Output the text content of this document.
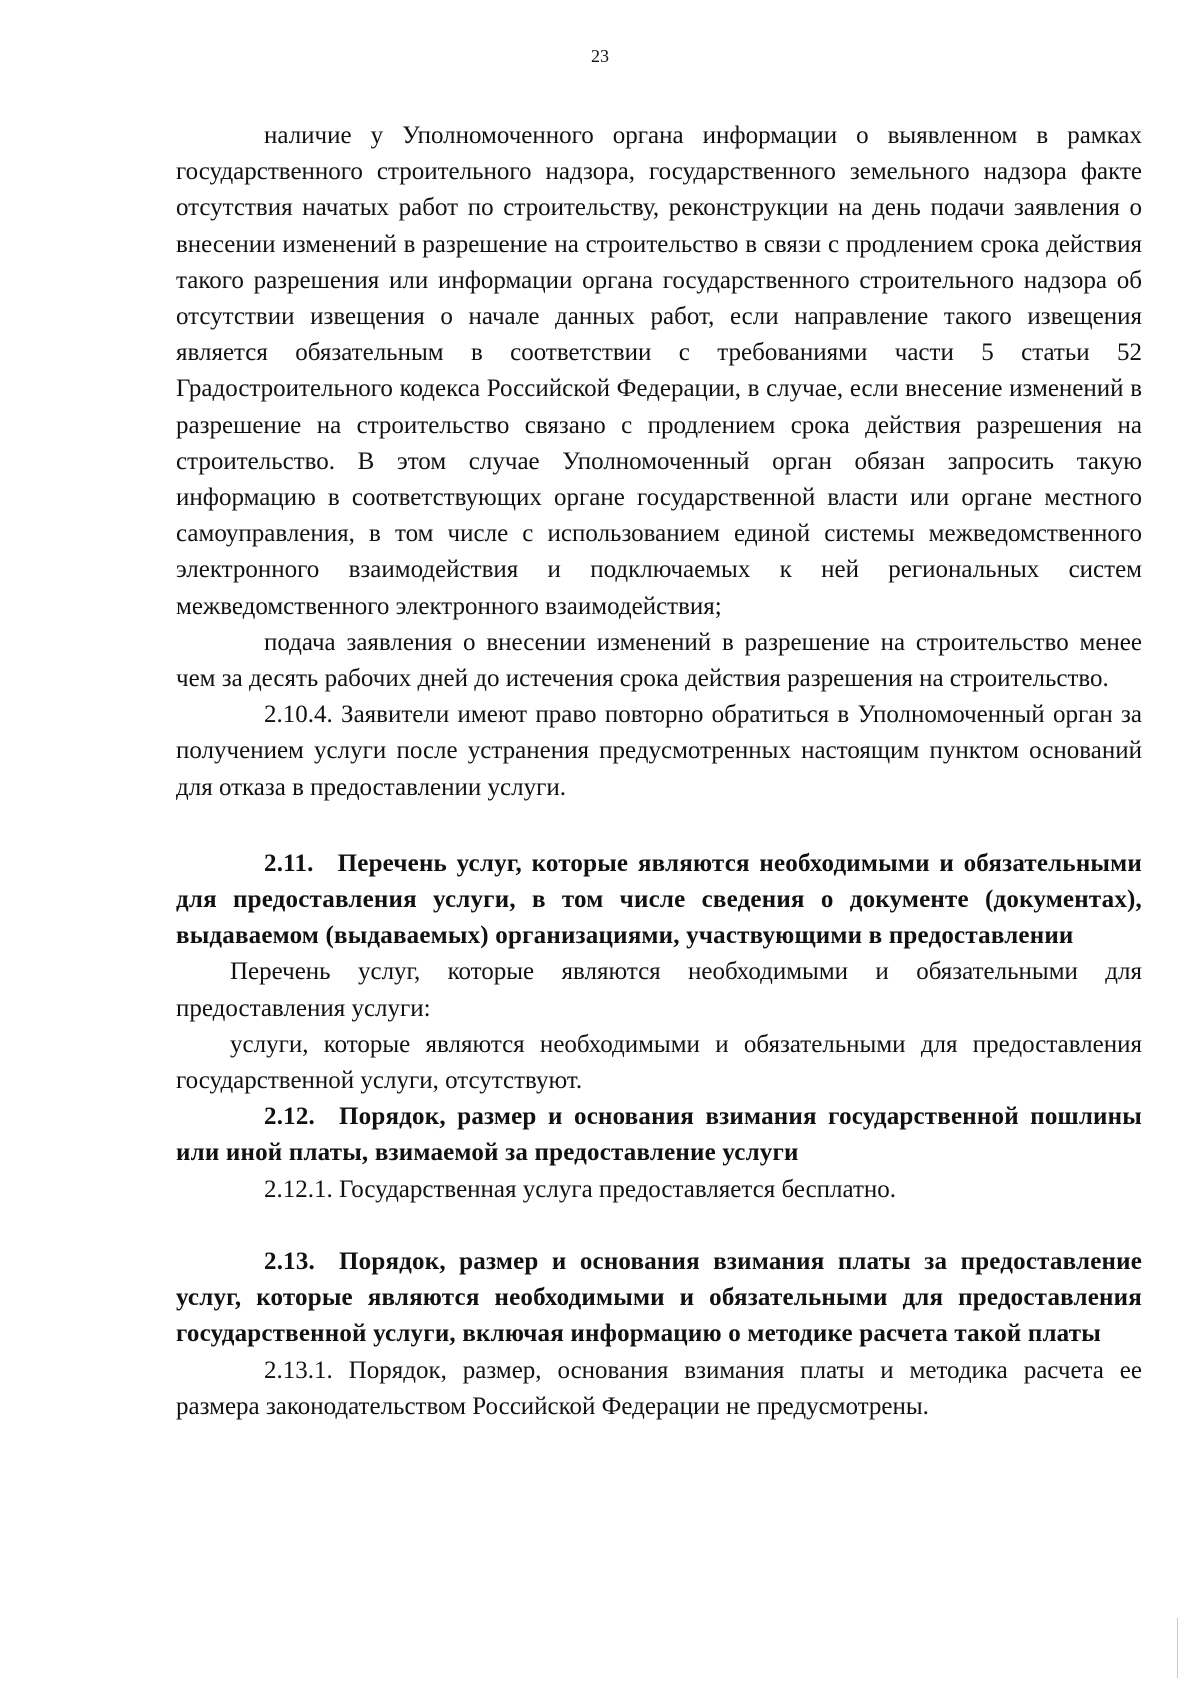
23

наличие у Уполномоченного органа информации о выявленном в рамках государственного строительного надзора, государственного земельного надзора факте отсутствия начатых работ по строительству, реконструкции на день подачи заявления о внесении изменений в разрешение на строительство в связи с продлением срока действия такого разрешения или информации органа государственного строительного надзора об отсутствии извещения о начале данных работ, если направление такого извещения является обязательным в соответствии с требованиями части 5 статьи 52 Градостроительного кодекса Российской Федерации, в случае, если внесение изменений в разрешение на строительство связано с продлением срока действия разрешения на строительство. В этом случае Уполномоченный орган обязан запросить такую информацию в соответствующих органе государственной власти или органе местного самоуправления, в том числе с использованием единой системы межведомственного электронного взаимодействия и подключаемых к ней региональных систем межведомственного электронного взаимодействия;

подача заявления о внесении изменений в разрешение на строительство менее чем за десять рабочих дней до истечения срока действия разрешения на строительство.

2.10.4. Заявители имеют право повторно обратиться в Уполномоченный орган за получением услуги после устранения предусмотренных настоящим пунктом оснований для отказа в предоставлении услуги.

2.11. Перечень услуг, которые являются необходимыми и обязательными для предоставления услуги, в том числе сведения о документе (документах), выдаваемом (выдаваемых) организациями, участвующими в предоставлении

Перечень услуг, которые являются необходимыми и обязательными для предоставления услуги:

услуги, которые являются необходимыми и обязательными для предоставления государственной услуги, отсутствуют.

2.12. Порядок, размер и основания взимания государственной пошлины или иной платы, взимаемой за предоставление услуги

2.12.1. Государственная услуга предоставляется бесплатно.

2.13. Порядок, размер и основания взимания платы за предоставление услуг, которые являются необходимыми и обязательными для предоставления государственной услуги, включая информацию о методике расчета такой платы

2.13.1. Порядок, размер, основания взимания платы и методика расчета ее размера законодательством Российской Федерации не предусмотрены.
